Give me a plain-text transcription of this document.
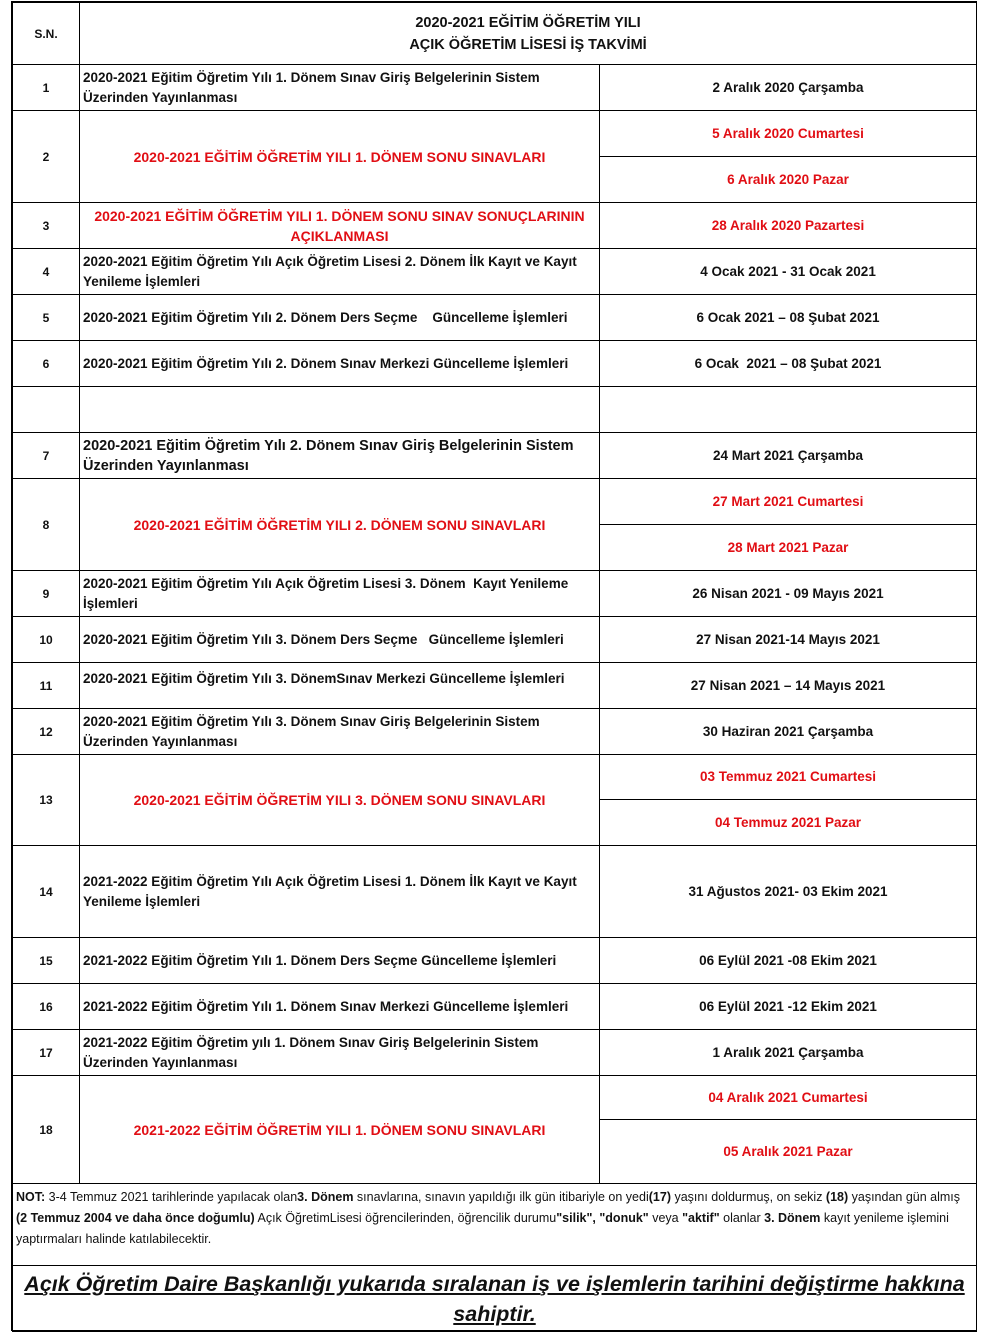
S.N.	2020-2021 EĞİTİM ÖĞRETİM YILI
AÇIK ÖĞRETİM LİSESİ İŞ TAKVİMİ	
1	2020-2021 Eğitim Öğretim Yılı 1. Dönem Sınav Giriş Belgelerinin Sistem Üzerinden Yayınlanması	2 Aralık 2020 Çarşamba
2	2020-2021 EĞİTİM ÖĞRETİM YILI 1. DÖNEM SONU SINAVLARI	5 Aralık 2020 Cumartesi
		6 Aralık 2020 Pazar
3	2020-2021 EĞİTİM ÖĞRETİM YILI 1. DÖNEM SONU SINAV SONUÇLARININ AÇIKLANMASI	28 Aralık 2020 Pazartesi
4	2020-2021 Eğitim Öğretim Yılı Açık Öğretim Lisesi 2. Dönem İlk Kayıt ve Kayıt Yenileme İşlemleri	4 Ocak 2021 - 31 Ocak 2021
5	2020-2021 Eğitim Öğretim Yılı 2. Dönem Ders Seçme    Güncelleme İşlemleri	6 Ocak 2021 – 08 Şubat 2021
6	2020-2021 Eğitim Öğretim Yılı 2. Dönem Sınav Merkezi Güncelleme İşlemleri	6 Ocak  2021 – 08 Şubat 2021

7	2020-2021 Eğitim Öğretim Yılı 2. Dönem Sınav Giriş Belgelerinin Sistem Üzerinden Yayınlanması	24 Mart 2021 Çarşamba
8	2020-2021 EĞİTİM ÖĞRETİM YILI 2. DÖNEM SONU SINAVLARI	27 Mart 2021 Cumartesi
		28 Mart 2021 Pazar
9	2020-2021 Eğitim Öğretim Yılı Açık Öğretim Lisesi 3. Dönem  Kayıt Yenileme İşlemleri	26 Nisan 2021 - 09 Mayıs 2021
10	2020-2021 Eğitim Öğretim Yılı 3. Dönem Ders Seçme   Güncelleme İşlemleri	27 Nisan 2021-14 Mayıs 2021
11	2020-2021 Eğitim Öğretim Yılı 3. DönemSınav Merkezi Güncelleme İşlemleri	27 Nisan 2021 – 14 Mayıs 2021
12	2020-2021 Eğitim Öğretim Yılı 3. Dönem Sınav Giriş Belgelerinin Sistem Üzerinden Yayınlanması	30 Haziran 2021 Çarşamba
13	2020-2021 EĞİTİM ÖĞRETİM YILI 3. DÖNEM SONU SINAVLARI	03 Temmuz 2021 Cumartesi
		04 Temmuz 2021 Pazar
14	2021-2022 Eğitim Öğretim Yılı Açık Öğretim Lisesi 1. Dönem İlk Kayıt ve Kayıt Yenileme İşlemleri	31 Ağustos 2021- 03 Ekim 2021
15	2021-2022 Eğitim Öğretim Yılı 1. Dönem Ders Seçme Güncelleme İşlemleri	06 Eylül 2021 -08 Ekim 2021
16	2021-2022 Eğitim Öğretim Yılı 1. Dönem Sınav Merkezi Güncelleme İşlemleri	06 Eylül 2021 -12 Ekim 2021
17	2021-2022 Eğitim Öğretim yılı 1. Dönem Sınav Giriş Belgelerinin Sistem Üzerinden Yayınlanması	1 Aralık 2021 Çarşamba
18	2021-2022 EĞİTİM ÖĞRETİM YILI 1. DÖNEM SONU SINAVLARI	04 Aralık 2021 Cumartesi
		05 Aralık 2021 Pazar
NOT: 3-4 Temmuz 2021 tarihlerinde yapılacak olan3. Dönem sınavlarına, sınavın yapıldığı ilk gün itibariyle on yedi(17) yaşını doldurmuş, on sekiz (18) yaşından gün almış (2 Temmuz 2004 ve daha önce doğumlu) Açık ÖğretimLisesi öğrencilerinden, öğrencilik durumu"silik", "donuk" veya "aktif" olanlar 3. Dönem kayıt yenileme işlemini yaptırmaları halinde katılabilecektir.		
Açık Öğretim Daire Başkanlığı yukarıda sıralanan iş ve işlemlerin tarihini değiştirme hakkına sahiptir.		
